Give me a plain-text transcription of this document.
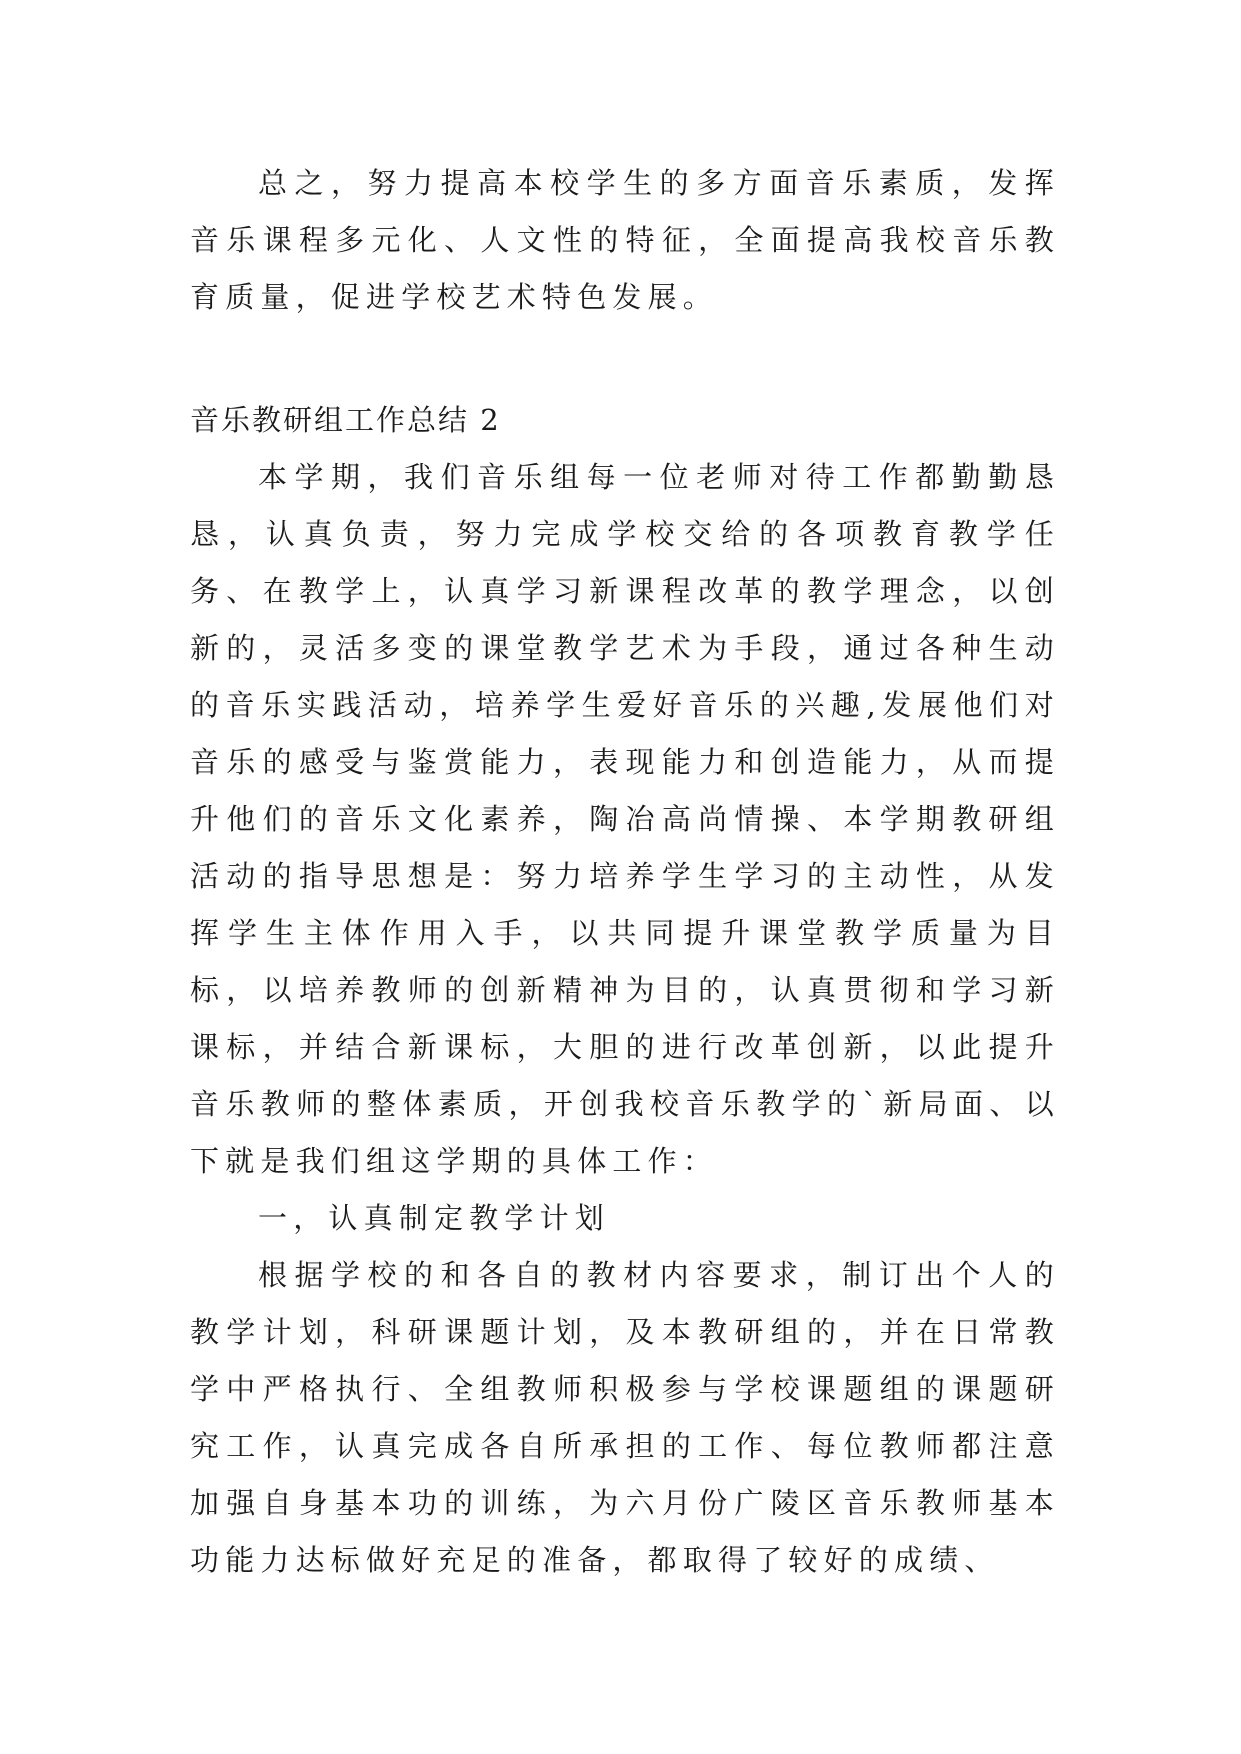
总之，努力提高本校学生的多方面音乐素质，发挥音乐课程多元化、人文性的特征，全面提高我校音乐教育质量，促进学校艺术特色发展。

音乐教研组工作总结 2

本学期，我们音乐组每一位老师对待工作都勤勤恳恳，认真负责，努力完成学校交给的各项教育教学任务、在教学上，认真学习新课程改革的教学理念，以创新的，灵活多变的课堂教学艺术为手段，通过各种生动的音乐实践活动，培养学生爱好音乐的兴趣,发展他们对音乐的感受与鉴赏能力，表现能力和创造能力，从而提升他们的音乐文化素养，陶冶高尚情操、本学期教研组活动的指导思想是：努力培养学生学习的主动性，从发挥学生主体作用入手，以共同提升课堂教学质量为目标，以培养教师的创新精神为目的，认真贯彻和学习新课标，并结合新课标，大胆的进行改革创新，以此提升音乐教师的整体素质，开创我校音乐教学的`新局面、以下就是我们组这学期的具体工作：

一，认真制定教学计划

根据学校的和各自的教材内容要求，制订出个人的教学计划，科研课题计划，及本教研组的，并在日常教学中严格执行、全组教师积极参与学校课题组的课题研究工作，认真完成各自所承担的工作、每位教师都注意加强自身基本功的训练，为六月份广陵区音乐教师基本功能力达标做好充足的准备，都取得了较好的成绩、
